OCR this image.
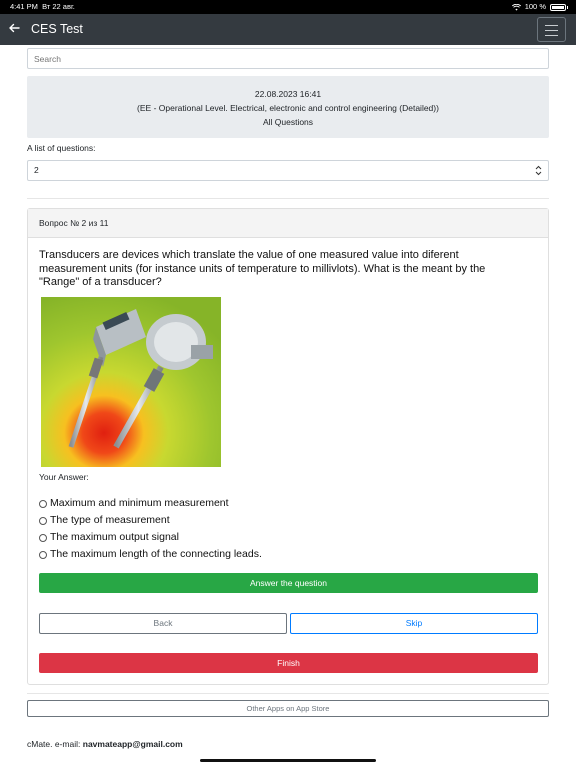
4:41 PM Вт 22 авг.	100 %
CES Test
Search
22.08.2023 16:41
(EE - Operational Level. Electrical, electronic and control engineering (Detailed))
All Questions
A list of questions:
2
Вопрос № 2 из 11
Transducers are devices which translate the value of one measured value into diferent measurement units (for instance units of temperature to millivlots). What is the meant by the "Range" of a transducer?
Your Answer:
Maximum and minimum measurement
The type of measurement
The maximum output signal
The maximum length of the connecting leads.
Answer the question
Back	Skip
Finish
Other Apps on App Store
cMate. e-mail: navmateapp@gmail.com
